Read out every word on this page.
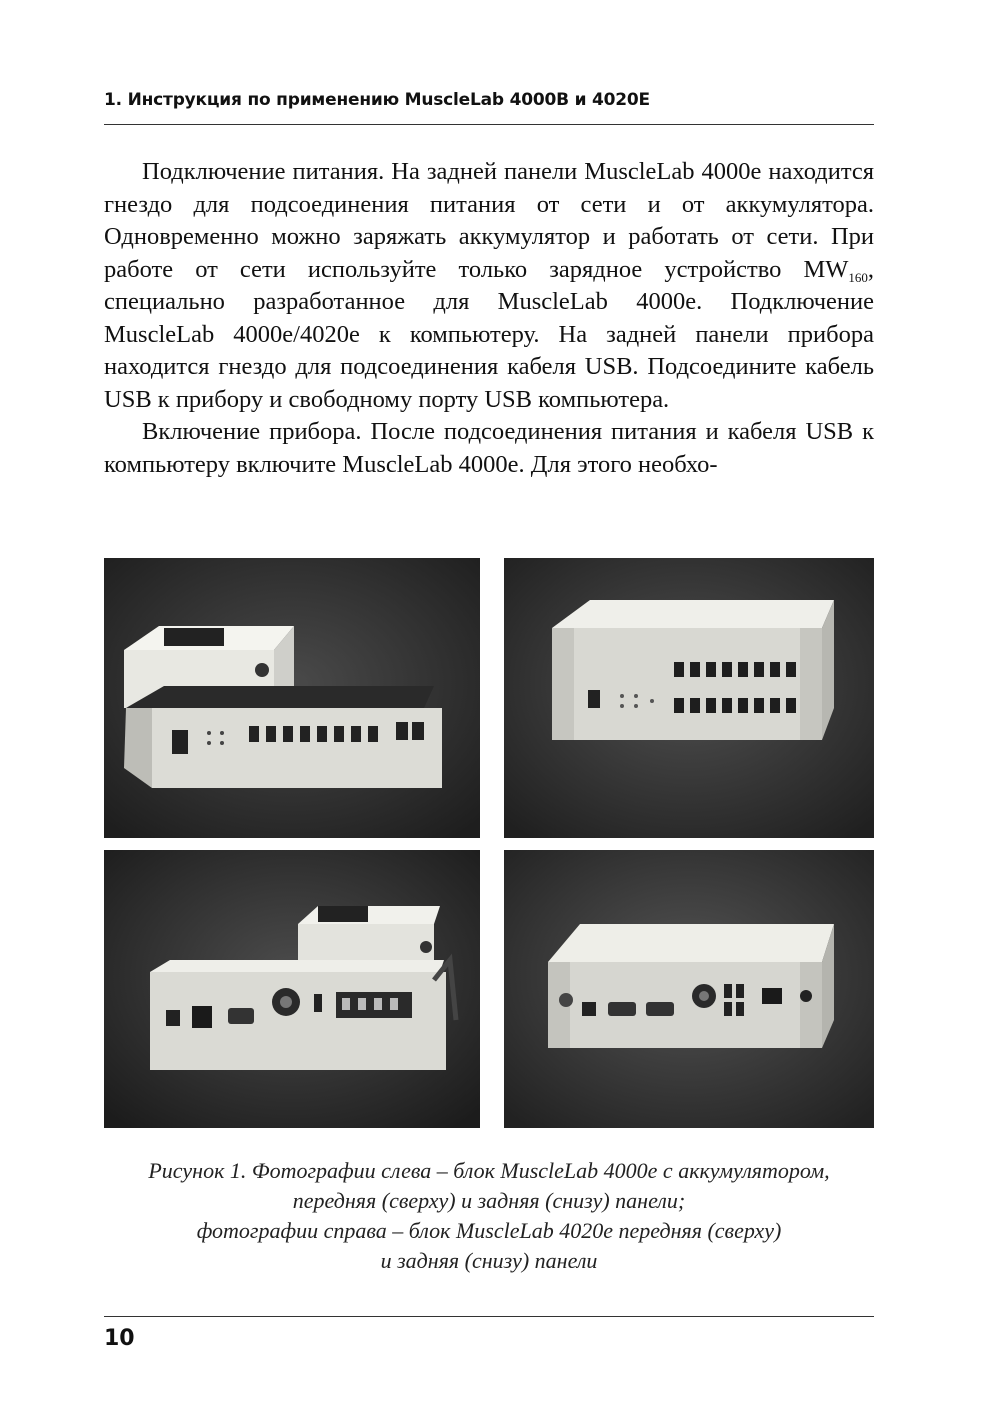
1. Инструкция по применению MuscleLab 4000B и 4020E

Подключение питания. На задней панели MuscleLab 4000e находится гнездо для подсоединения питания от сети и от аккумулятора. Одновременно можно заряжать аккумулятор и работать от сети. При работе от сети используйте только зарядное устройство $MW_{160}$, специально разработанное для MuscleLab 4000e. Подключение MuscleLab 4000e/4020e к компьютеру. На задней панели прибора находится гнездо для подсоединения кабеля USB. Подсоедините кабель USB к прибору и свободному порту USB компьютера.

Включение прибора. После подсоединения питания и кабеля USB к компьютеру включите MuscleLab 4000e. Для этого необхо-

Рисунок 1. Фотографии слева – блок MuscleLab 4000e с аккумулятором,
передняя (сверху) и задняя (снизу) панели;
фотографии справа – блок MuscleLab 4020e передняя (сверху)
и задняя (снизу) панели
10
